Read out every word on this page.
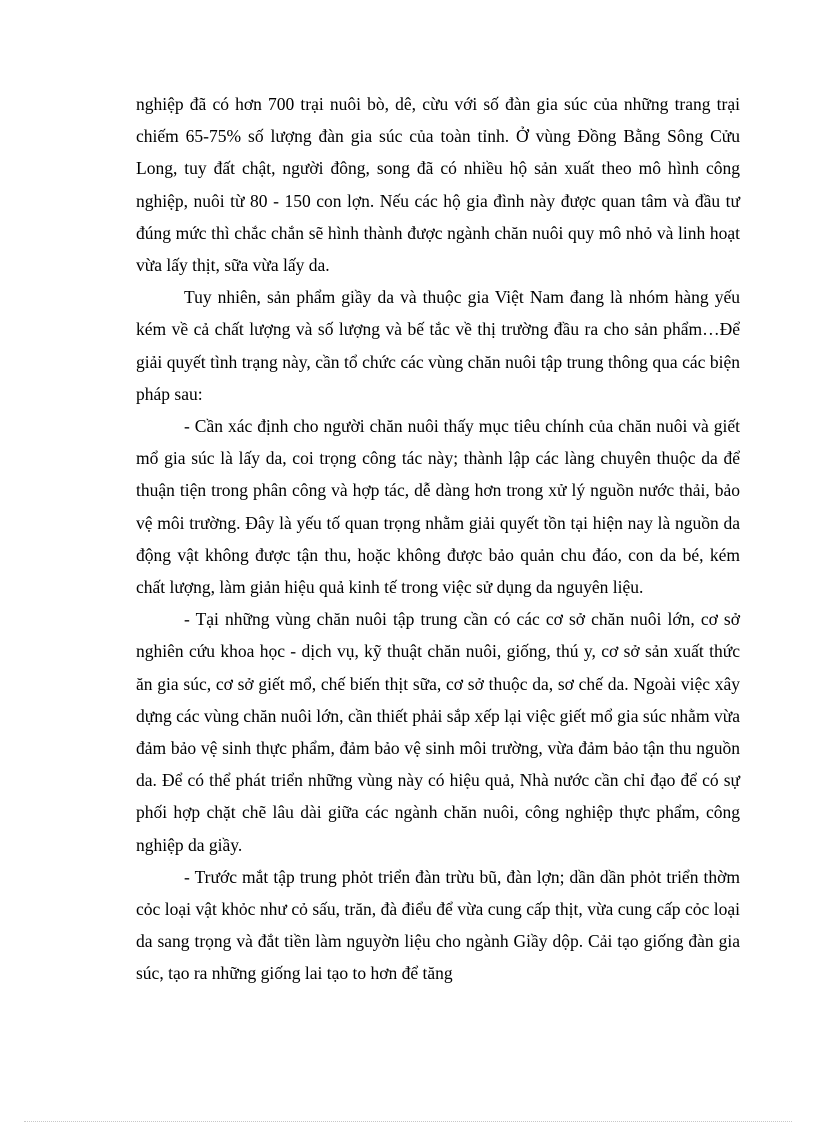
nghiệp đã có hơn 700 trại nuôi bò, dê, cừu với số đàn gia súc của những trang trại chiếm 65-75% số lượng đàn gia súc của toàn tỉnh. Ở vùng Đồng Bằng Sông Cửu Long, tuy đất chật, người đông, song đã có nhiều hộ sản xuất theo mô hình công nghiệp, nuôi từ 80 - 150 con lợn. Nếu các hộ gia đình này được quan tâm và đầu tư đúng mức thì chắc chắn sẽ hình thành được ngành chăn nuôi quy mô nhỏ và linh hoạt vừa lấy thịt, sữa vừa lấy da.

Tuy nhiên, sản phẩm giầy da và thuộc gia Việt Nam đang là nhóm hàng yếu kém về cả chất lượng và số lượng và bế tắc về thị trường đầu ra cho sản phẩm…Để giải quyết tình trạng này, cần tổ chức các vùng chăn nuôi tập trung thông qua các biện pháp sau:

- Cần xác định cho người chăn nuôi thấy mục tiêu chính của chăn nuôi và giết mổ gia súc là lấy da, coi trọng công tác này; thành lập các làng chuyên thuộc da để thuận tiện trong phân công và hợp tác, dễ dàng hơn trong xử lý nguồn nước thải, bảo vệ môi trường. Đây là yếu tố quan trọng nhằm giải quyết tồn tại hiện nay là nguồn da động vật không được tận thu, hoặc không được bảo quản chu đáo, con da bé, kém chất lượng, làm giản hiệu quả kinh tế trong việc sử dụng da nguyên liệu.

- Tại những vùng chăn nuôi tập trung cần có các cơ sở chăn nuôi lớn, cơ sở nghiên cứu khoa học - dịch vụ, kỹ thuật chăn nuôi, giống, thú y, cơ sở sản xuất thức ăn gia súc, cơ sở giết mổ, chế biến thịt sữa, cơ sở thuộc da, sơ chế da. Ngoài việc xây dựng các vùng chăn nuôi lớn, cần thiết phải sắp xếp lại việc giết mổ gia súc nhằm vừa đảm bảo vệ sinh thực phẩm, đảm bảo vệ sinh môi trường, vừa đảm bảo tận thu nguồn da. Để có thể phát triển những vùng này có hiệu quả, Nhà nước cần chỉ đạo để có sự phối hợp chặt chẽ lâu dài giữa các ngành chăn nuôi, công nghiệp thực phẩm, công nghiệp da giầy.

- Trước mắt tập trung phỏt triển đàn trừu bũ, đàn lợn; dần dần phỏt triển thờm cỏc loại vật khỏc như cỏ sấu, trăn, đà điểu để vừa cung cấp thịt, vừa cung cấp cỏc loại da sang trọng và đắt tiền làm nguyờn liệu cho ngành Giầy dộp. Cải tạo giống đàn gia súc, tạo ra những giống lai tạo to hơn để tăng
